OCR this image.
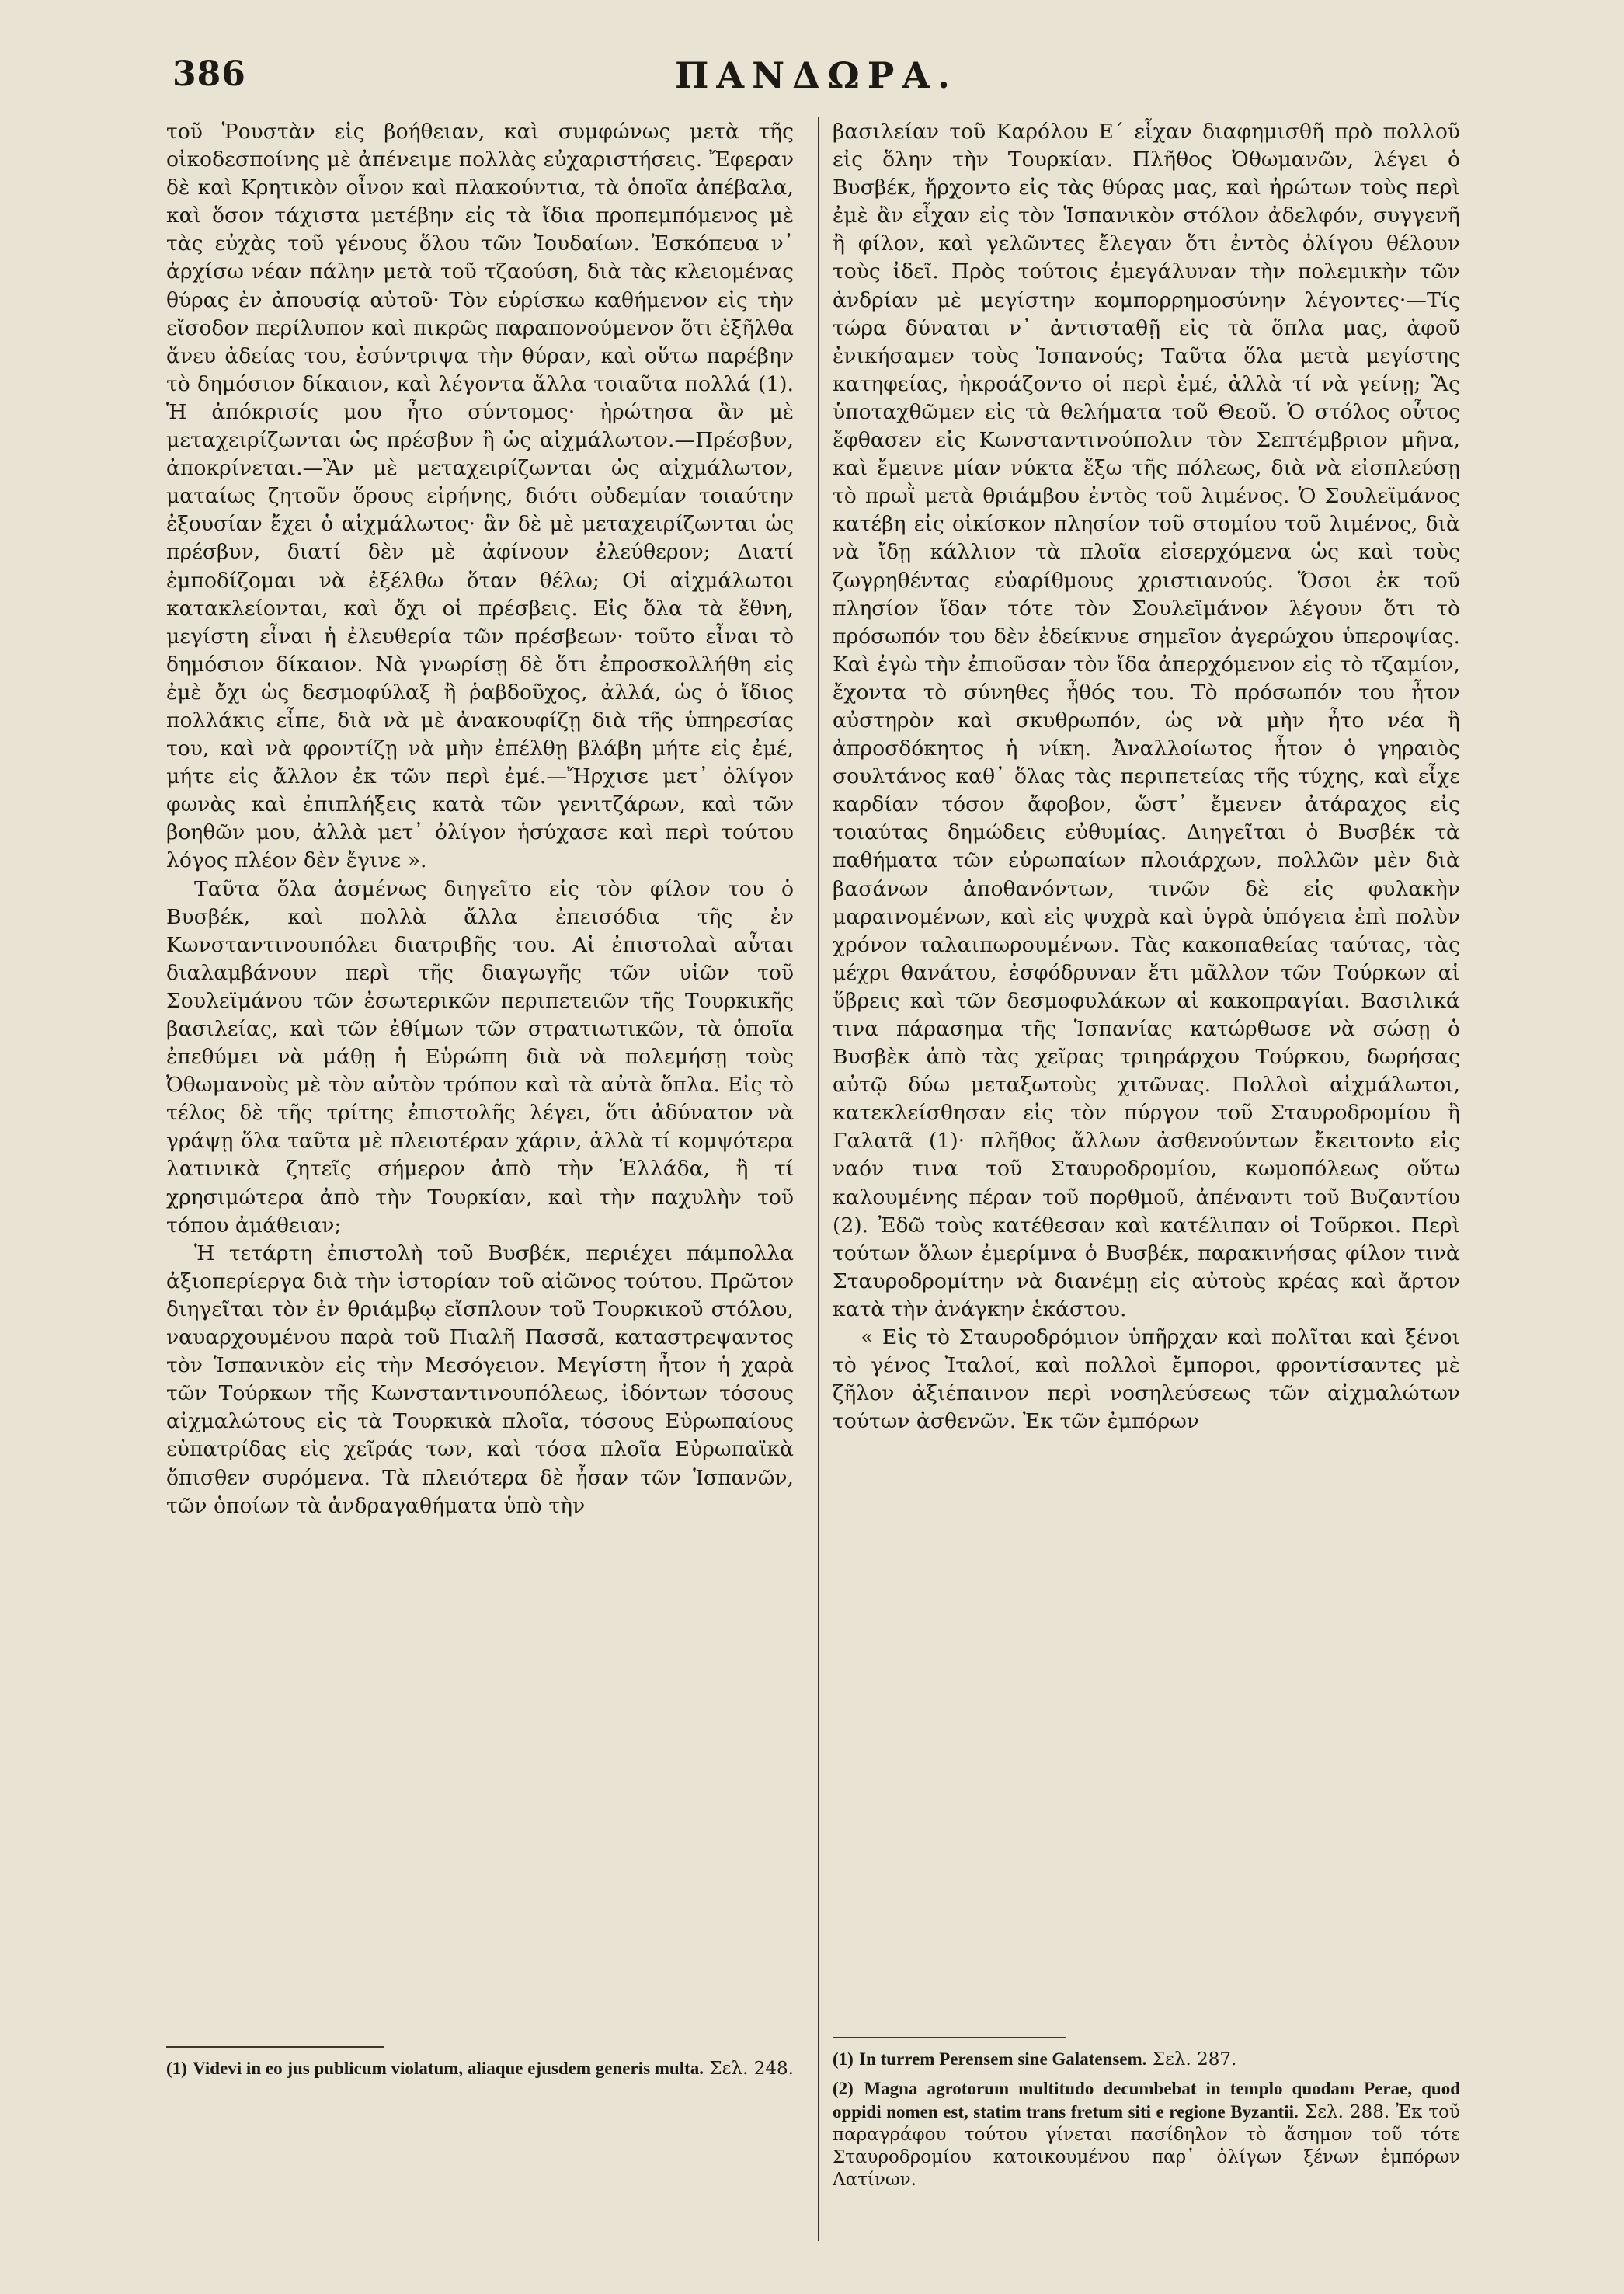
386	ΠΑΝΔΩΡΑ.

τοῦ Ῥουστὰν εἰς βοήθειαν, καὶ συμφώνως μετὰ τῆς οἰκοδεσποίνης μὲ ἀπένειμε πολλὰς εὐχαριστήσεις. Ἔφεραν δὲ καὶ Κρητικὸν οἶνον καὶ πλακούντια, τὰ ὁποῖα ἀπέβαλα, καὶ ὅσον τάχιστα μετέβην εἰς τὰ ἴδια προπεμπόμενος μὲ τὰς εὐχὰς τοῦ γένους ὅλου τῶν Ἰουδαίων. Ἐσκόπευα ν᾿ ἀρχίσω νέαν πάλην μετὰ τοῦ τζαούση, διὰ τὰς κλειομένας θύρας ἐν ἀπουσίᾳ αὐτοῦ· Τὸν εὑρίσκω καθήμενον εἰς τὴν εἴσοδον περίλυπον καὶ πικρῶς παραπονούμενον ὅτι ἐξῆλθα ἄνευ ἀδείας του, ἐσύντριψα τὴν θύραν, καὶ οὕτω παρέβην τὸ δημόσιον δίκαιον, καὶ λέγοντα ἄλλα τοιαῦτα πολλά (1). Ἡ ἀπόκρισίς μου ἦτο σύντομος· ἠρώτησα ἂν μὲ μεταχειρίζωνται ὡς πρέσβυν ἢ ὡς αἰχμάλωτον.—Πρέσβυν, ἀποκρίνεται.—Ἂν μὲ μεταχειρίζωνται ὡς αἰχμάλωτον, ματαίως ζητοῦν ὅρους εἰρήνης, διότι οὐδεμίαν τοιαύτην ἐξουσίαν ἔχει ὁ αἰχμάλωτος· ἂν δὲ μὲ μεταχειρίζωνται ὡς πρέσβυν, διατί δὲν μὲ ἀφίνουν ἐλεύθερον; Διατί ἐμποδίζομαι νὰ ἐξέλθω ὅταν θέλω; Οἱ αἰχμάλωτοι κατακλείονται, καὶ ὄχι οἱ πρέσβεις. Εἰς ὅλα τὰ ἔθνη, μεγίστη εἶναι ἡ ἐλευθερία τῶν πρέσβεων· τοῦτο εἶναι τὸ δημόσιον δίκαιον. Νὰ γνωρίσῃ δὲ ὅτι ἐπροσκολλήθη εἰς ἐμὲ ὄχι ὡς δεσμοφύλαξ ἢ ῥαβδοῦχος, ἀλλά, ὡς ὁ ἴδιος πολλάκις εἶπε, διὰ νὰ μὲ ἀνακουφίζῃ διὰ τῆς ὑπηρεσίας του, καὶ νὰ φροντίζῃ νὰ μὴν ἐπέλθῃ βλάβη μήτε εἰς ἐμέ, μήτε εἰς ἄλλον ἐκ τῶν περὶ ἐμέ.—Ἤρχισε μετ᾿ ὀλίγον φωνὰς καὶ ἐπιπλήξεις κατὰ τῶν γενιτζάρων, καὶ τῶν βοηθῶν μου, ἀλλὰ μετ᾿ ὀλίγον ἡσύχασε καὶ περὶ τούτου λόγος πλέον δὲν ἔγινε ».

Ταῦτα ὅλα ἀσμένως διηγεῖτο εἰς τὸν φίλον του ὁ Βυσβέκ, καὶ πολλὰ ἄλλα ἐπεισόδια τῆς ἐν Κωνσταντινουπόλει διατριβῆς του. Αἱ ἐπιστολαὶ αὗται διαλαμβάνουν περὶ τῆς διαγωγῆς τῶν υἱῶν τοῦ Σουλεϊμάνου τῶν ἐσωτερικῶν περιπετειῶν τῆς Τουρκικῆς βασιλείας, καὶ τῶν ἐθίμων τῶν στρατιωτικῶν, τὰ ὁποῖα ἐπεθύμει νὰ μάθῃ ἡ Εὐρώπη διὰ νὰ πολεμήσῃ τοὺς Ὀθωμανοὺς μὲ τὸν αὐτὸν τρόπον καὶ τὰ αὐτὰ ὅπλα. Εἰς τὸ τέλος δὲ τῆς τρίτης ἐπιστολῆς λέγει, ὅτι ἀδύνατον νὰ γράψῃ ὅλα ταῦτα μὲ πλειοτέραν χάριν, ἀλλὰ τί κομψότερα λατινικὰ ζητεῖς σήμερον ἀπὸ τὴν Ἑλλάδα, ἢ τί χρησιμώτερα ἀπὸ τὴν Τουρκίαν, καὶ τὴν παχυλὴν τοῦ τόπου ἀμάθειαν;

Ἡ τετάρτη ἐπιστολὴ τοῦ Βυσβέκ, περιέχει πάμπολλα ἀξιοπερίεργα διὰ τὴν ἱστορίαν τοῦ αἰῶνος τούτου. Πρῶτον διηγεῖται τὸν ἐν θριάμβῳ εἴσπλουν τοῦ Τουρκικοῦ στόλου, ναυαρχουμένου παρὰ τοῦ Πιαλῆ Πασσᾶ, καταστρεψαντος τὸν Ἱσπανικὸν εἰς τὴν Μεσόγειον. Μεγίστη ἦτον ἡ χαρὰ τῶν Τούρκων τῆς Κωνσταντινουπόλεως, ἰδόντων τόσους αἰχμαλώτους εἰς τὰ Τουρκικὰ πλοῖα, τόσους Εὐρωπαίους εὐπατρίδας εἰς χεῖράς των, καὶ τόσα πλοῖα Εὐρωπαϊκὰ ὄπισθεν συρόμενα. Τὰ πλειότερα δὲ ἦσαν τῶν Ἱσπανῶν, τῶν ὁποίων τὰ ἀνδραγαθήματα ὑπὸ τὴν

βασιλείαν τοῦ Καρόλου Ε΄ εἶχαν διαφημισθῆ πρὸ πολλοῦ εἰς ὅλην τὴν Τουρκίαν. Πλῆθος Ὀθωμανῶν, λέγει ὁ Βυσβέκ, ἤρχοντο εἰς τὰς θύρας μας, καὶ ἠρώτων τοὺς περὶ ἐμὲ ἂν εἶχαν εἰς τὸν Ἱσπανικὸν στόλον ἀδελφόν, συγγενῆ ἢ φίλον, καὶ γελῶντες ἔλεγαν ὅτι ἐντὸς ὀλίγου θέλουν τοὺς ἰδεῖ. Πρὸς τούτοις ἐμεγάλυναν τὴν πολεμικὴν τῶν ἀνδρίαν μὲ μεγίστην κομπορρημοσύνην λέγοντες·—Τίς τώρα δύναται ν᾿ ἀντισταθῇ εἰς τὰ ὅπλα μας, ἀφοῦ ἐνικήσαμεν τοὺς Ἱσπανούς; Ταῦτα ὅλα μετὰ μεγίστης κατηφείας, ἠκροάζοντο οἱ περὶ ἐμέ, ἀλλὰ τί νὰ γείνῃ; Ἂς ὑποταχθῶμεν εἰς τὰ θελήματα τοῦ Θεοῦ. Ὁ στόλος οὗτος ἔφθασεν εἰς Κωνσταντινούπολιν τὸν Σεπτέμβριον μῆνα, καὶ ἔμεινε μίαν νύκτα ἔξω τῆς πόλεως, διὰ νὰ εἰσπλεύσῃ τὸ πρωῒ μετὰ θριάμβου ἐντὸς τοῦ λιμένος. Ὁ Σουλεϊμάνος κατέβη εἰς οἰκίσκον πλησίον τοῦ στομίου τοῦ λιμένος, διὰ νὰ ἴδῃ κάλλιον τὰ πλοῖα εἰσερχόμενα ὡς καὶ τοὺς ζωγρηθέντας εὐαρίθμους χριστιανούς. Ὅσοι ἐκ τοῦ πλησίον ἴδαν τότε τὸν Σουλεϊμάνον λέγουν ὅτι τὸ πρόσωπόν του δὲν ἐδείκνυε σημεῖον ἀγερώχου ὑπεροψίας. Καὶ ἐγὼ τὴν ἐπιοῦσαν τὸν ἴδα ἀπερχόμενον εἰς τὸ τζαμίον, ἔχοντα τὸ σύνηθες ἦθός του. Τὸ πρόσωπόν του ἦτον αὐστηρὸν καὶ σκυθρωπόν, ὡς νὰ μὴν ἦτο νέα ἢ ἀπροσδόκητος ἡ νίκη. Ἀναλλοίωτος ἦτον ὁ γηραιὸς σουλτάνος καθ᾿ ὅλας τὰς περιπετείας τῆς τύχης, καὶ εἶχε καρδίαν τόσον ἄφοβον, ὥστ᾿ ἔμενεν ἀτάραχος εἰς τοιαύτας δημώδεις εὐθυμίας. Διηγεῖται ὁ Βυσβέκ τὰ παθήματα τῶν εὐρωπαίων πλοιάρχων, πολλῶν μὲν διὰ βασάνων ἀποθανόντων, τινῶν δὲ εἰς φυλακὴν μαραινομένων, καὶ εἰς ψυχρὰ καὶ ὑγρὰ ὑπόγεια ἐπὶ πολὺν χρόνον ταλαιπωρουμένων. Τὰς κακοπαθείας ταύτας, τὰς μέχρι θανάτου, ἐσφόδρυναν ἔτι μᾶλλον τῶν Τούρκων αἱ ὕβρεις καὶ τῶν δεσμοφυλάκων αἱ κακοπραγίαι. Βασιλικά τινα πάρασημα τῆς Ἱσπανίας κατώρθωσε νὰ σώσῃ ὁ Βυσβὲκ ἀπὸ τὰς χεῖρας τριηράρχου Τούρκου, δωρήσας αὐτῷ δύω μεταξωτοὺς χιτῶνας. Πολλοὶ αἰχμάλωτοι, κατεκλείσθησαν εἰς τὸν πύργον τοῦ Σταυροδρομίου ἢ Γαλατᾶ (1)· πλῆθος ἄλλων ἀσθενούντων ἔκειτονto εἰς ναόν τινα τοῦ Σταυροδρομίου, κωμοπόλεως οὕτω καλουμένης πέραν τοῦ πορθμοῦ, ἀπέναντι τοῦ Βυζαντίου (2). Ἐδῶ τοὺς κατέθεσαν καὶ κατέλιπαν οἱ Τοῦρκοι. Περὶ τούτων ὅλων ἐμερίμνα ὁ Βυσβέκ, παρακινήσας φίλον τινὰ Σταυροδρομίτην νὰ διανέμῃ εἰς αὐτοὺς κρέας καὶ ἄρτον κατὰ τὴν ἀνάγκην ἑκάστου.

« Εἰς τὸ Σταυροδρόμιον ὑπῆρχαν καὶ πολῖται καὶ ξένοι τὸ γένος Ἰταλοί, καὶ πολλοὶ ἔμποροι, φροντίσαντες μὲ ζῆλον ἀξιέπαινον περὶ νοσηλεύσεως τῶν αἰχμαλώτων τούτων ἀσθενῶν. Ἐκ τῶν ἐμπόρων

(1) Videvi in eo jus publicum violatum, aliaque ejusdem generis multa. Σελ. 248. (1) In turrem Perensem sine Galatensem. Σελ. 287.

(2) Magna agrotorum multitudo decumbebat in templo quodam Perae, quod oppidi nomen est, statim trans fretum siti e regione Byzantii. Σελ. 288. Ἐκ τοῦ παραγράφου τούτου γίνεται πασίδηλον τὸ ἄσημον τοῦ τότε Σταυροδρομίου κατοικουμένου παρ᾿ ὀλίγων ξένων ἐμπόρων Λατίνων.
